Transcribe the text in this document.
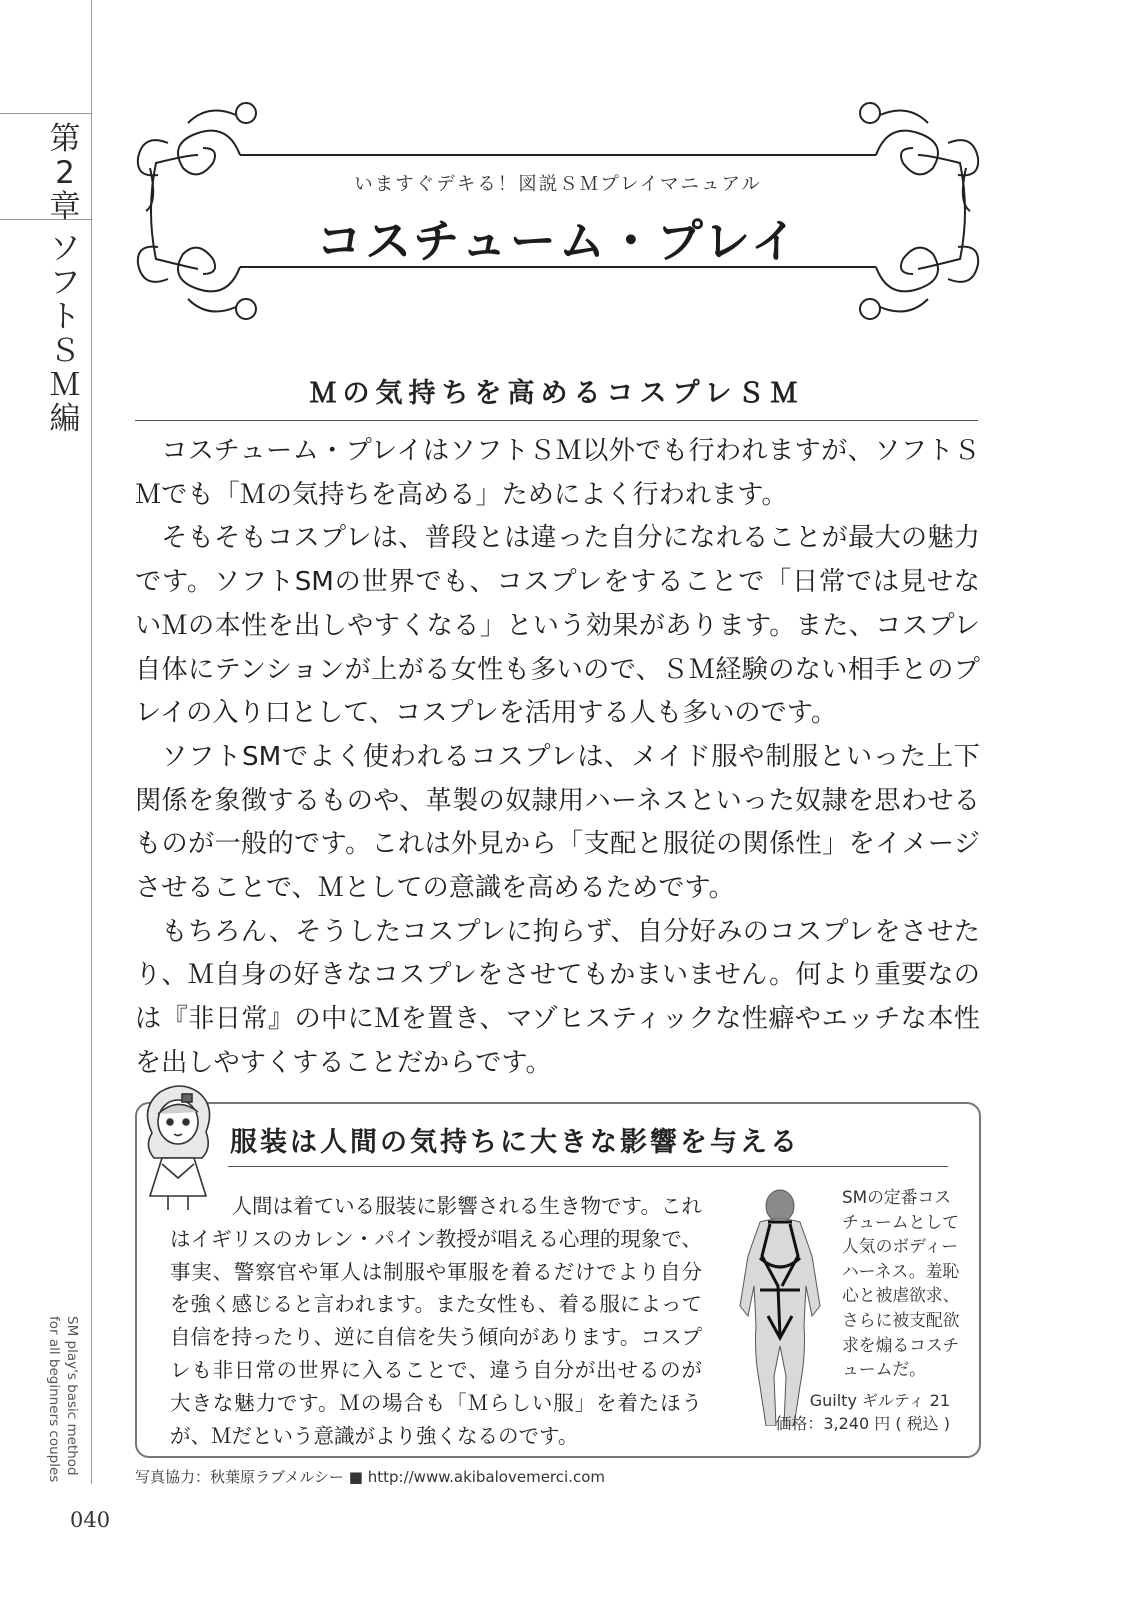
第
2
章
ソ
フ
ト
Ｓ
Ｍ
編
SM play's basic method
for all beginners couples
いますぐデキる！図説ＳＭプレイマニュアル
コスチューム・プレイ
Ｍの気持ちを高めるコスプレＳＭ

コスチューム・プレイはソフトＳＭ以外でも行われますが、ソフトＳＭでも「Ｍの気持ちを高める」ためによく行われます。

そもそもコスプレは、普段とは違った自分になれることが最大の魅力です。ソフトSMの世界でも、コスプレをすることで「日常では見せないＭの本性を出しやすくなる」という効果があります。また、コスプレ自体にテンションが上がる女性も多いので、ＳＭ経験のない相手とのプレイの入り口として、コスプレを活用する人も多いのです。

ソフトSMでよく使われるコスプレは、メイド服や制服といった上下関係を象徴するものや、革製の奴隷用ハーネスといった奴隷を思わせるものが一般的です。これは外見から「支配と服従の関係性」をイメージさせることで、Ｍとしての意識を高めるためです。

もちろん、そうしたコスプレに拘らず、自分好みのコスプレをさせたり、Ｍ自身の好きなコスプレをさせてもかまいません。何より重要なのは『非日常』の中にＭを置き、マゾヒスティックな性癖やエッチな本性を出しやすくすることだからです。

服装は人間の気持ちに大きな影響を与える

人間は着ている服装に影響される生き物です。これはイギリスのカレン・パイン教授が唱える心理的現象で、事実、警察官や軍人は制服や軍服を着るだけでより自分を強く感じると言われます。また女性も、着る服によって自信を持ったり、逆に自信を失う傾向があります。コスプレも非日常の世界に入ることで、違う自分が出せるのが大きな魅力です。Ｍの場合も「Ｍらしい服」を着たほうが、Ｍだという意識がより強くなるのです。

SMの定番コスチュームとして人気のボディーハーネス。羞恥心と被虐欲求、さらに被支配欲求を煽るコスチュームだ。
Guilty ギルティ 21
価格：3,240 円 ( 税込 )
写真協力：秋葉原ラブメルシー ■ http://www.akibalovemerci.com
040
